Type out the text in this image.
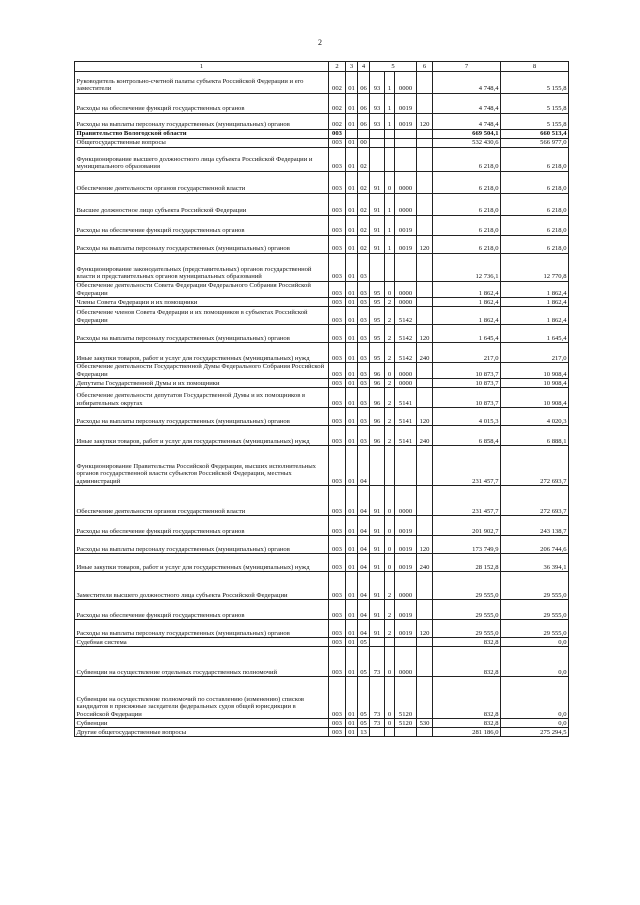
2
1	2	3	4	5			6	7	8
Руководитель контрольно-счетной палаты субъекта Российской Федерации и его заместители	002	01	06	93	1	0000		4 748,4	5 155,8
Расходы на обеспечение функций государственных органов	002	01	06	93	1	0019		4 748,4	5 155,8
Расходы на выплаты персоналу государственных (муниципальных) органов	002	01	06	93	1	0019	120	4 748,4	5 155,8
Правительство Вологодской области	003							669 504,1	660 513,4
Общегосударственные вопросы	003	01	00					532 430,6	566 977,0
Функционирование высшего должностного лица субъекта Российской Федерации и муниципального образования	003	01	02					6 218,0	6 218,0
Обеспечение деятельности органов государственной власти	003	01	02	91	0	0000		6 218,0	6 218,0
Высшее должностное лицо субъекта Российской Федерации	003	01	02	91	1	0000		6 218,0	6 218,0
Расходы на обеспечение функций государственных органов	003	01	02	91	1	0019		6 218,0	6 218,0
Расходы на выплаты персоналу государственных (муниципальных) органов	003	01	02	91	1	0019	120	6 218,0	6 218,0
Функционирование законодательных (представительных) органов государственной власти и представительных органов муниципальных образований	003	01	03					12 736,1	12 770,8
Обеспечение деятельности Совета Федерации Федерального Собрания Российской Федерации	003	01	03	95	0	0000		1 862,4	1 862,4
Члены Совета Федерации и их помощники	003	01	03	95	2	0000		1 862,4	1 862,4
Обеспечение членов Совета Федерации и их помощников в субъектах Российской Федерации	003	01	03	95	2	5142		1 862,4	1 862,4
Расходы на выплаты персоналу государственных (муниципальных) органов	003	01	03	95	2	5142	120	1 645,4	1 645,4
Иные закупки товаров, работ и услуг для государственных (муниципальных) нужд	003	01	03	95	2	5142	240	217,0	217,0
Обеспечение деятельности Государственной Думы Федерального Собрания Российской Федерации	003	01	03	96	0	0000		10 873,7	10 908,4
Депутаты Государственной Думы и их помощники	003	01	03	96	2	0000		10 873,7	10 908,4
Обеспечение деятельности депутатов Государственной Думы и их помощников в избирательных округах	003	01	03	96	2	5141		10 873,7	10 908,4
Расходы на выплаты персоналу государственных (муниципальных) органов	003	01	03	96	2	5141	120	4 015,3	4 020,3
Иные закупки товаров, работ и услуг для государственных (муниципальных) нужд	003	01	03	96	2	5141	240	6 858,4	6 888,1
Функционирование Правительства Российской Федерации, высших исполнительных органов государственной власти субъектов Российской Федерации, местных администраций	003	01	04					231 457,7	272 693,7
Обеспечение деятельности органов государственной власти	003	01	04	91	0	0000		231 457,7	272 693,7
Расходы на обеспечение функций государственных органов	003	01	04	91	0	0019		201 902,7	243 138,7
Расходы на выплаты персоналу государственных (муниципальных) органов	003	01	04	91	0	0019	120	173 749,9	206 744,6
Иные закупки товаров, работ и услуг для государственных (муниципальных) нужд	003	01	04	91	0	0019	240	28 152,8	36 394,1
Заместители высшего должностного лица субъекта Российской Федерации	003	01	04	91	2	0000		29 555,0	29 555,0
Расходы на обеспечение функций государственных органов	003	01	04	91	2	0019		29 555,0	29 555,0
Расходы на выплаты персоналу государственных (муниципальных) органов	003	01	04	91	2	0019	120	29 555,0	29 555,0
Судебная система	003	01	05					832,8	0,0
Субвенции на осуществление отдельных государственных полномочий	003	01	05	73	0	0000		832,8	0,0
Субвенции на осуществление полномочий по составлению (изменению) списков кандидатов в присяжные заседатели федеральных судов общей юрисдикции в Российской Федерации	003	01	05	73	0	5120		832,8	0,0
Субвенции	003	01	05	73	0	5120	530	832,8	0,0
Другие общегосударственные вопросы	003	01	13					281 186,0	275 294,5
